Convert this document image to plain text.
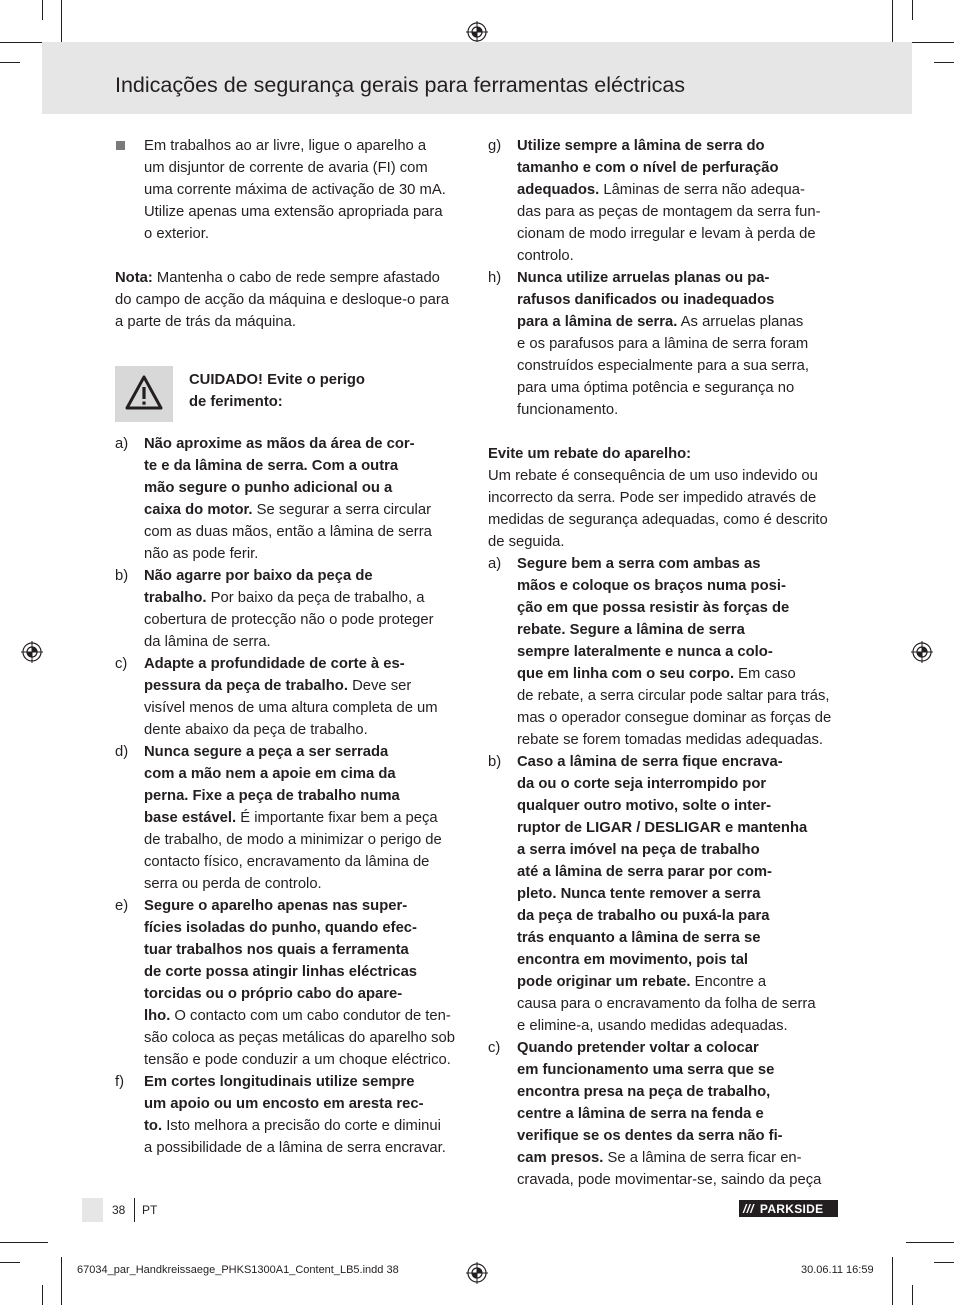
Indicações de segurança gerais para ferramentas eléctricas

Em trabalhos ao ar livre, ligue o aparelho a

um disjuntor de corrente de avaria (FI) com

uma corrente máxima de activação de 30 mA.

Utilize apenas uma extensão apropriada para

o exterior.

Nota: Mantenha o cabo de rede sempre afastado

do campo de acção da máquina e desloque-o para

a parte de trás da máquina.

CUIDADO! Evite o perigo

de ferimento:

a) Não aproxime as mãos da área de cor-

te e da lâmina de serra. Com a outra

mão segure o punho adicional ou a

caixa do motor. Se segurar a serra circular

com as duas mãos, então a lâmina de serra

não as pode ferir.

b) Não agarre por baixo da peça de

trabalho. Por baixo da peça de trabalho, a

cobertura de protecção não o pode proteger

da lâmina de serra.

c) Adapte a profundidade de corte à es-

pessura da peça de trabalho. Deve ser

visível menos de uma altura completa de um

dente abaixo da peça de trabalho.

d) Nunca segure a peça a ser serrada

com a mão nem a apoie em cima da

perna. Fixe a peça de trabalho numa

base estável. É importante fixar bem a peça

de trabalho, de modo a minimizar o perigo de

contacto físico, encravamento da lâmina de

serra ou perda de controlo.

e) Segure o aparelho apenas nas super-

fícies isoladas do punho, quando efec-

tuar trabalhos nos quais a ferramenta

de corte possa atingir linhas eléctricas

torcidas ou o próprio cabo do apare-

lho. O contacto com um cabo condutor de ten-

são coloca as peças metálicas do aparelho sob

tensão e pode conduzir a um choque eléctrico.

f) Em cortes longitudinais utilize sempre

um apoio ou um encosto em aresta rec-

to. Isto melhora a precisão do corte e diminui

a possibilidade de a lâmina de serra encravar.

g) Utilize sempre a lâmina de serra do

tamanho e com o nível de perfuração

adequados. Lâminas de serra não adequa-

das para as peças de montagem da serra fun-

cionam de modo irregular e levam à perda de

controlo.

h) Nunca utilize arruelas planas ou pa-

rafusos danificados ou inadequados

para a lâmina de serra. As arruelas planas

e os parafusos para a lâmina de serra foram

construídos especialmente para a sua serra,

para uma óptima potência e segurança no

funcionamento.

Evite um rebate do aparelho:

Um rebate é consequência de um uso indevido ou

incorrecto da serra. Pode ser impedido através de

medidas de segurança adequadas, como é descrito

de seguida.

a) Segure bem a serra com ambas as

mãos e coloque os braços numa posi-

ção em que possa resistir às forças de

rebate. Segure a lâmina de serra

sempre lateralmente e nunca a colo-

que em linha com o seu corpo. Em caso

de rebate, a serra circular pode saltar para trás,

mas o operador consegue dominar as forças de

rebate se forem tomadas medidas adequadas.

b) Caso a lâmina de serra fique encrava-

da ou o corte seja interrompido por

qualquer outro motivo, solte o inter-

ruptor de LIGAR / DESLIGAR e mantenha

a serra imóvel na peça de trabalho

até a lâmina de serra parar por com-

pleto. Nunca tente remover a serra

da peça de trabalho ou puxá-la para

trás enquanto a lâmina de serra se

encontra em movimento, pois tal

pode originar um rebate. Encontre a

causa para o encravamento da folha de serra

e elimine-a, usando medidas adequadas.

c) Quando pretender voltar a colocar

em funcionamento uma serra que se

encontra presa na peça de trabalho,

centre a lâmina de serra na fenda e

verifique se os dentes da serra não fi-

cam presos. Se a lâmina de serra ficar en-

cravada, pode movimentar-se, saindo da peça

38 PT	/// PARKSIDE
67034_par_Handkreissaege_PHKS1300A1_Content_LB5.indd 38	30.06.11 16:59
